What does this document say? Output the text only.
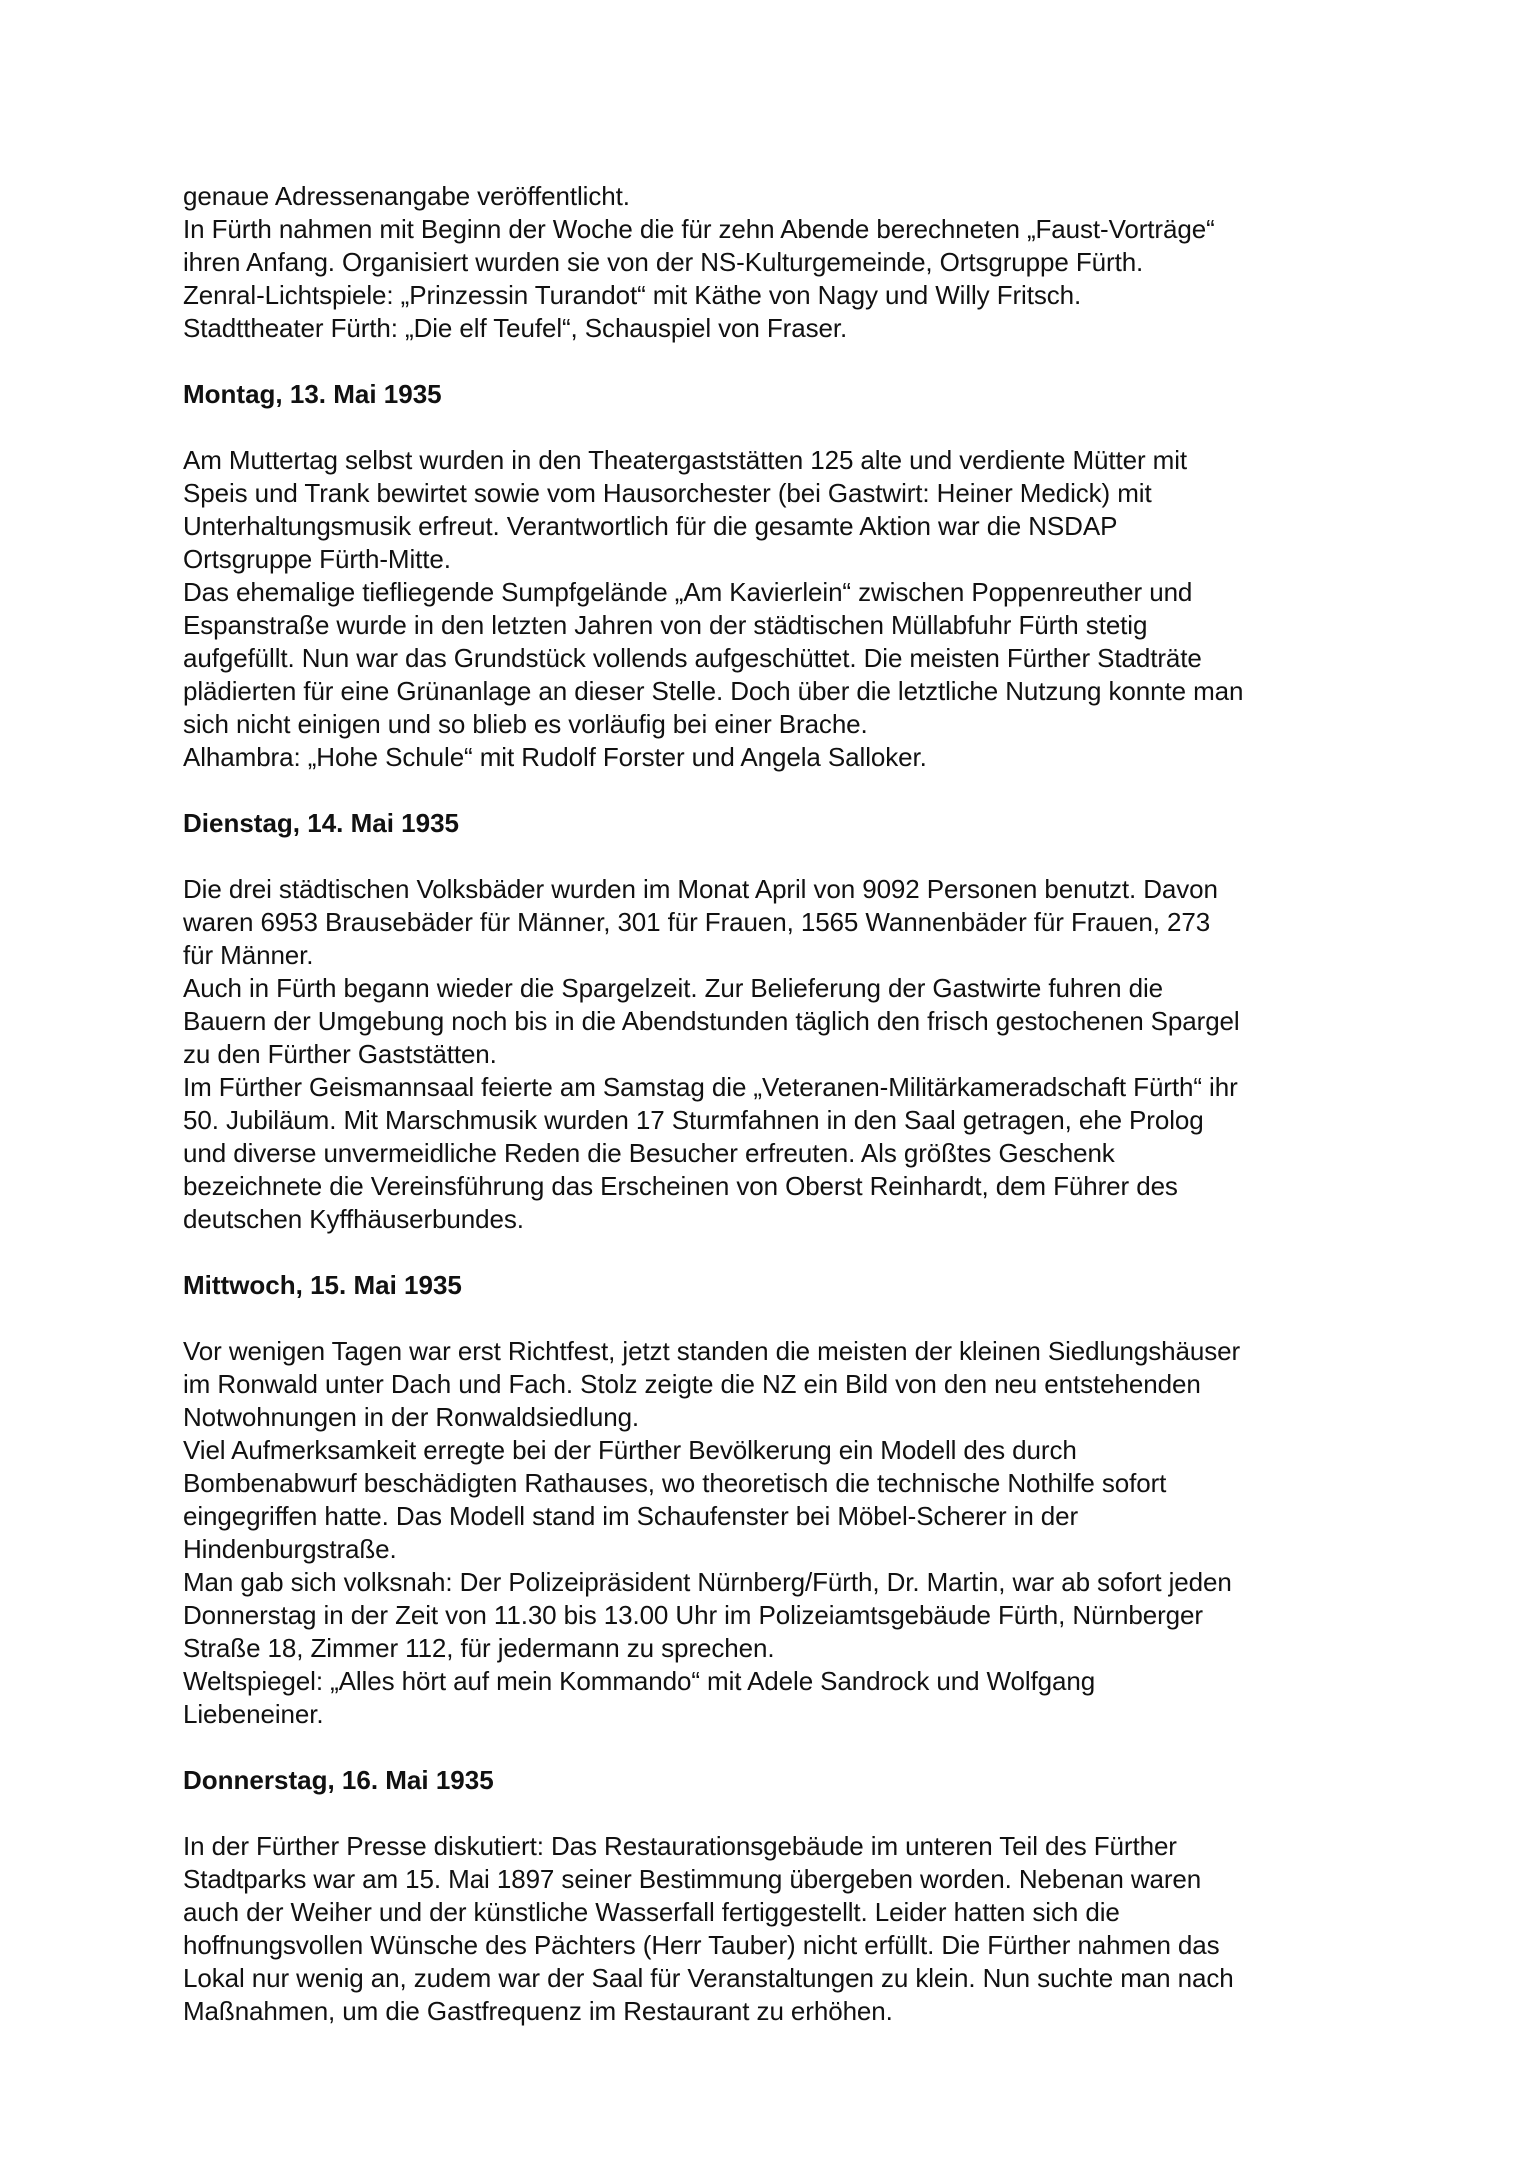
genaue Adressenangabe veröffentlicht.
In Fürth nahmen mit Beginn der Woche die für zehn Abende berechneten „Faust-Vorträge“
ihren Anfang. Organisiert wurden sie von der NS-Kulturgemeinde, Ortsgruppe Fürth.
Zenral-Lichtspiele: „Prinzessin Turandot“ mit Käthe von Nagy und Willy Fritsch.
Stadttheater Fürth: „Die elf Teufel“, Schauspiel von Fraser.
Montag, 13. Mai 1935
Am Muttertag selbst wurden in den Theatergaststätten 125 alte und verdiente Mütter mit
Speis und Trank bewirtet sowie vom Hausorchester (bei Gastwirt: Heiner Medick) mit
Unterhaltungsmusik erfreut. Verantwortlich für die gesamte Aktion war die NSDAP
Ortsgruppe Fürth-Mitte.
Das ehemalige tiefliegende Sumpfgelände „Am Kavierlein“ zwischen Poppenreuther und
Espanstraße wurde in den letzten Jahren von der städtischen Müllabfuhr Fürth stetig
aufgefüllt. Nun war das Grundstück vollends aufgeschüttet. Die meisten Fürther Stadträte
plädierten für eine Grünanlage an dieser Stelle. Doch über die letztliche Nutzung konnte man
sich nicht einigen und so blieb es vorläufig bei einer Brache.
Alhambra: „Hohe Schule“ mit Rudolf Forster und Angela Salloker.
Dienstag, 14. Mai 1935
Die drei städtischen Volksbäder wurden im Monat April von 9092 Personen benutzt. Davon
waren 6953 Brausebäder für Männer, 301 für Frauen, 1565 Wannenbäder für Frauen, 273
für Männer.
Auch in Fürth begann wieder die Spargelzeit. Zur Belieferung der Gastwirte fuhren die
Bauern der Umgebung noch bis in die Abendstunden täglich den frisch gestochenen Spargel
zu den Fürther Gaststätten.
Im Fürther Geismannsaal feierte am Samstag die „Veteranen-Militärkameradschaft Fürth“ ihr
50. Jubiläum. Mit Marschmusik wurden 17 Sturmfahnen in den Saal getragen, ehe Prolog
und diverse unvermeidliche Reden die Besucher erfreuten. Als größtes Geschenk
bezeichnete die Vereinsführung das Erscheinen von Oberst Reinhardt, dem Führer des
deutschen Kyffhäuserbundes.
Mittwoch, 15. Mai 1935
Vor wenigen Tagen war erst Richtfest, jetzt standen die meisten der kleinen Siedlungshäuser
im Ronwald unter Dach und Fach. Stolz zeigte die NZ ein Bild von den neu entstehenden
Notwohnungen in der Ronwaldsiedlung.
Viel Aufmerksamkeit erregte bei der Fürther Bevölkerung ein Modell des durch
Bombenabwurf beschädigten Rathauses, wo theoretisch die technische Nothilfe sofort
eingegriffen hatte. Das Modell stand im Schaufenster bei Möbel-Scherer in der
Hindenburgstraße.
Man gab sich volksnah: Der Polizeipräsident Nürnberg/Fürth, Dr. Martin, war ab sofort jeden
Donnerstag in der Zeit von 11.30 bis 13.00 Uhr im Polizeiamtsgebäude Fürth, Nürnberger
Straße 18, Zimmer 112, für jedermann zu sprechen.
Weltspiegel: „Alles hört auf mein Kommando“ mit Adele Sandrock und Wolfgang
Liebeneiner.
Donnerstag, 16. Mai 1935
In der Fürther Presse diskutiert: Das Restaurationsgebäude im unteren Teil des Fürther
Stadtparks war am 15. Mai 1897 seiner Bestimmung übergeben worden. Nebenan waren
auch der Weiher und der künstliche Wasserfall fertiggestellt. Leider hatten sich die
hoffnungsvollen Wünsche des Pächters (Herr Tauber) nicht erfüllt. Die Fürther nahmen das
Lokal nur wenig an, zudem war der Saal für Veranstaltungen zu klein. Nun suchte man nach
Maßnahmen, um die Gastfrequenz im Restaurant zu erhöhen.
